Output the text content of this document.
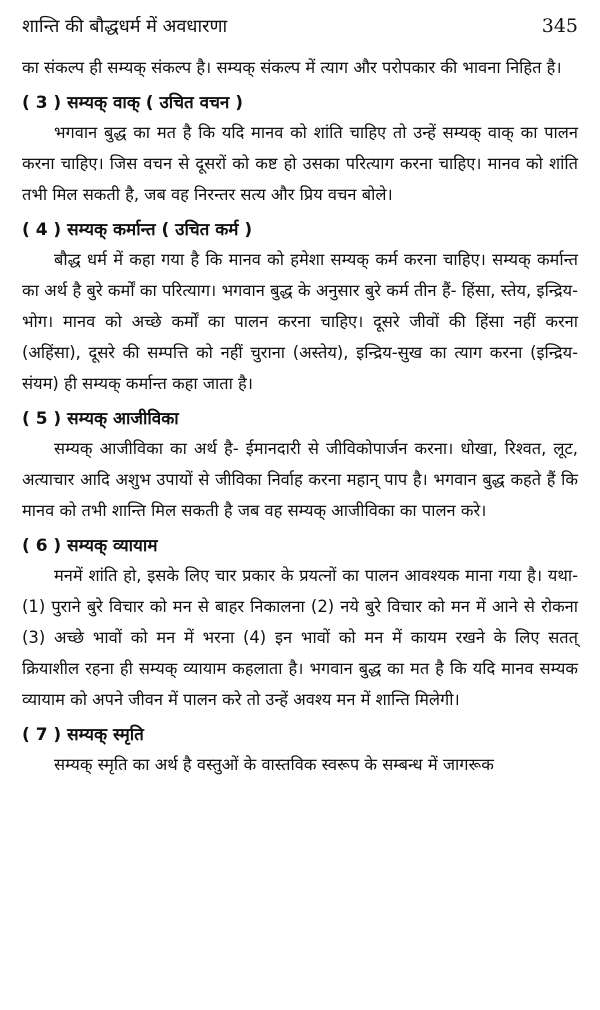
शान्ति की बौद्धधर्म में अवधारणा	345

का संकल्प ही सम्यक् संकल्प है। सम्यक् संकल्प में त्याग और परोपकार की भावना निहित है।

( 3 ) सम्यक् वाक् ( उचित वचन )

भगवान बुद्ध का मत है कि यदि मानव को शांति चाहिए तो उन्हें सम्यक् वाक् का पालन करना चाहिए। जिस वचन से दूसरों को कष्ट हो उसका परित्याग करना चाहिए। मानव को शांति तभी मिल सकती है, जब वह निरन्तर सत्य और प्रिय वचन बोले।

( 4 ) सम्यक् कर्मान्त ( उचित कर्म )

बौद्ध धर्म में कहा गया है कि मानव को हमेशा सम्यक् कर्म करना चाहिए। सम्यक् कर्मान्त का अर्थ है बुरे कर्मों का परित्याग। भगवान बुद्ध के अनुसार बुरे कर्म तीन हैं- हिंसा, स्तेय, इन्द्रिय-भोग। मानव को अच्छे कर्मों का पालन करना चाहिए। दूसरे जीवों की हिंसा नहीं करना (अहिंसा), दूसरे की सम्पत्ति को नहीं चुराना (अस्तेय), इन्द्रिय-सुख का त्याग करना (इन्द्रिय-संयम) ही सम्यक् कर्मान्त कहा जाता है।

( 5 ) सम्यक् आजीविका

सम्यक् आजीविका का अर्थ है- ईमानदारी से जीविकोपार्जन करना। धोखा, रिश्वत, लूट, अत्याचार आदि अशुभ उपायों से जीविका निर्वाह करना महान् पाप है। भगवान बुद्ध कहते हैं कि मानव को तभी शान्ति मिल सकती है जब वह सम्यक् आजीविका का पालन करे।

( 6 ) सम्यक् व्यायाम

मनमें शांति हो, इसके लिए चार प्रकार के प्रयत्नों का पालन आवश्यक माना गया है। यथा- (1) पुराने बुरे विचार को मन से बाहर निकालना (2) नये बुरे विचार को मन में आने से रोकना (3) अच्छे भावों को मन में भरना (4) इन भावों को मन में कायम रखने के लिए सतत् क्रियाशील रहना ही सम्यक् व्यायाम कहलाता है। भगवान बुद्ध का मत है कि यदि मानव सम्यक व्यायाम को अपने जीवन में पालन करे तो उन्हें अवश्य मन में शान्ति मिलेगी।

( 7 ) सम्यक् स्मृति

सम्यक् स्मृति का अर्थ है वस्तुओं के वास्तविक स्वरूप के सम्बन्ध में जागरूक
